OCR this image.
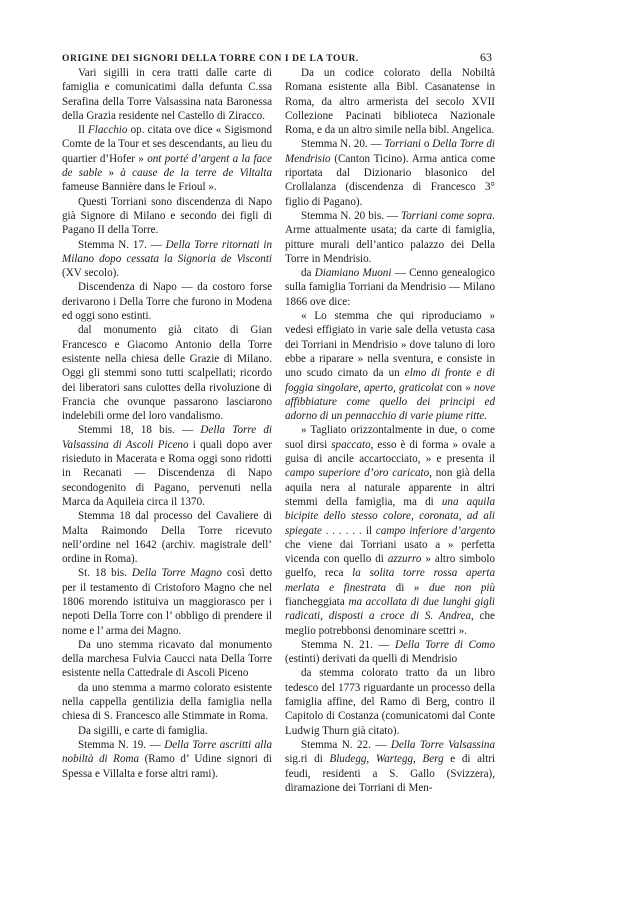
ORIGINE DEI SIGNORI DELLA TORRE CON I DE LA TOUR.	63

Vari sigilli in cera tratti dalle carte di famiglia e comunicatimi dalla defunta C.ssa Serafina della Torre Valsassina nata Baronessa della Grazia residente nel Castello di Ziracco.

Il Flacchio op. citata ove dice « Sigismond Comte de la Tour et ses descendants, au lieu du quartier d’Hofer » ont porté d’argent a la face de sable » à cause de la terre de Viltalta fameuse Bannière dans le Frioul ».

Questi Torriani sono discendenza di Napo già Signore di Milano e secondo dei figli di Pagano II della Torre.

Stemma N. 17. — Della Torre ritornati in Milano dopo cessata la Signoria de Visconti (XV secolo).

Discendenza di Napo — da costoro forse derivarono i Della Torre che furono in Modena ed oggi sono estinti.

dal monumento già citato di Gian Francesco e Giacomo Antonio della Torre esistente nella chiesa delle Grazie di Milano. Oggi gli stemmi sono tutti scalpellati; ricordo dei liberatori sans culottes della rivoluzione di Francia che ovunque passarono lasciarono indelebili orme del loro vandalismo.

Stemmi 18, 18 bis. — Della Torre di Valsassina di Ascoli Piceno i quali dopo aver risieduto in Macerata e Roma oggi sono ridotti in Recanati — Discendenza di Napo secondogenito di Pagano, pervenuti nella Marca da Aquileia circa il 1370.

Stemma 18 dal processo del Cavaliere di Malta Raimondo Della Torre ricevuto nell’ordine nel 1642 (archiv. magistrale dell’ ordine in Roma).

St. 18 bis. Della Torre Magno così detto per il testamento di Cristoforo Magno che nel 1806 morendo istituiva un maggiorasco per i nepoti Della Torre con l’ obbligo di prendere il nome e l’ arma dei Magno.

Da uno stemma ricavato dal monumento della marchesa Fulvia Caucci nata Della Torre esistente nella Cattedrale di Ascoli Piceno

da uno stemma a marmo colorato esistente nella cappella gentilizia della famiglia nella chiesa di S. Francesco alle Stimmate in Roma.

Da sigilli, e carte di famiglia.

Stemma N. 19. — Della Torre ascritti alla nobiltà di Roma (Ramo d’ Udine signori di Spessa e Villalta e forse altri rami).

Da un codice colorato della Nobiltà Romana esistente alla Bibl. Casanatense in Roma, da altro armerista del secolo XVII Collezione Pacinati biblioteca Nazionale Roma, e da un altro simile nella bibl. Angelica.

Stemma N. 20. — Torriani o Della Torre di Mendrisio (Canton Ticino). Arma antica come riportata dal Dizionario blasonico del Crollalanza (discendenza di Francesco 3° figlio di Pagano).

Stemma N. 20 bis. — Torriani come sopra. Arme attualmente usata; da carte di famiglia, pitture murali dell’antico palazzo dei Della Torre in Mendrisio.

da Diamiano Muoni — Cenno genealogico sulla famiglia Torriani da Mendrisio — Milano 1866 ove dice:

« Lo stemma che qui riproduciamo » vedesi effigiato in varie sale della vetusta casa dei Torriani in Mendrisio » dove taluno di loro ebbe a riparare » nella sventura, e consiste in uno scudo cimato da un elmo di fronte e di foggia singolare, aperto, graticolat con » nove affibbiature come quello dei principi ed adorno di un pennacchio di varie piume ritte.

» Tagliato orizzontalmente in due, o come suol dirsi spaccato, esso è di forma » ovale a guisa di ancile accartocciato, » e presenta il campo superiore d’oro caricato, non già della aquila nera al naturale apparente in altri stemmi della famiglia, ma di una aquila bicipite dello stesso colore, coronata, ad ali spiegate . . . . . . il campo inferiore d’argento che viene dai Torriani usato a » perfetta vicenda con quello di azzurro » altro simbolo guelfo, reca la solita torre rossa aperta merlata e finestrata di » due non più fiancheggiata ma accollata di due lunghi gigli radicati, disposti a croce di S. Andrea, che meglio potrebbonsi denominare scettri ».

Stemma N. 21. — Della Torre di Como (estinti) derivati da quelli di Mendrisio

da stemma colorato tratto da un libro tedesco del 1773 riguardante un processo della famiglia affine, del Ramo di Berg, contro il Capitolo di Costanza (comunicatomi dal Conte Ludwig Thurn già citato).

Stemma N. 22. — Della Torre Valsassina sig.ri di Bludegg, Wartegg, Berg e di altri feudi, residenti a S. Gallo (Svizzera), diramazione dei Torriani di Men-
